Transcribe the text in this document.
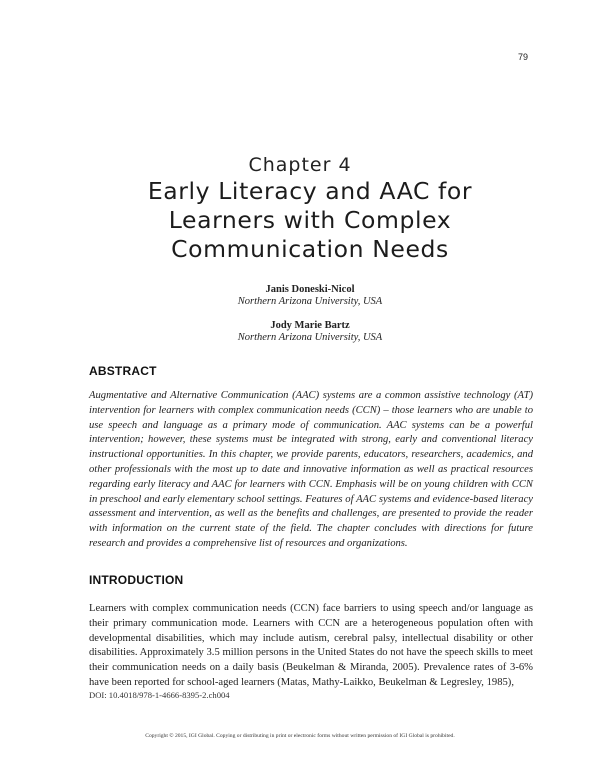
79
Chapter 4
Early Literacy and AAC for
Learners with Complex
Communication Needs
Janis Doneski-Nicol
Northern Arizona University, USA
Jody Marie Bartz
Northern Arizona University, USA
ABSTRACT
Augmentative and Alternative Communication (AAC) systems are a common assistive technology (AT) intervention for learners with complex communication needs (CCN) – those learners who are unable to use speech and language as a primary mode of communication. AAC systems can be a powerful intervention; however, these systems must be integrated with strong, early and conventional literacy instructional opportunities. In this chapter, we provide parents, educators, researchers, academics, and other professionals with the most up to date and innovative information as well as practical resources regarding early literacy and AAC for learners with CCN. Emphasis will be on young children with CCN in preschool and early elementary school settings. Features of AAC systems and evidence-based literacy assessment and intervention, as well as the benefits and challenges, are presented to provide the reader with information on the current state of the field. The chapter concludes with directions for future research and provides a comprehensive list of resources and organizations.
INTRODUCTION
Learners with complex communication needs (CCN) face barriers to using speech and/or language as their primary communication mode. Learners with CCN are a heterogeneous population often with developmental disabilities, which may include autism, cerebral palsy, intellectual disability or other disabilities. Approximately 3.5 million persons in the United States do not have the speech skills to meet their communication needs on a daily basis (Beukelman & Miranda, 2005). Prevalence rates of 3-6% have been reported for school-aged learners (Matas, Mathy-Laikko, Beukelman & Legresley, 1985),
DOI: 10.4018/978-1-4666-8395-2.ch004
Copyright © 2015, IGI Global. Copying or distributing in print or electronic forms without written permission of IGI Global is prohibited.
